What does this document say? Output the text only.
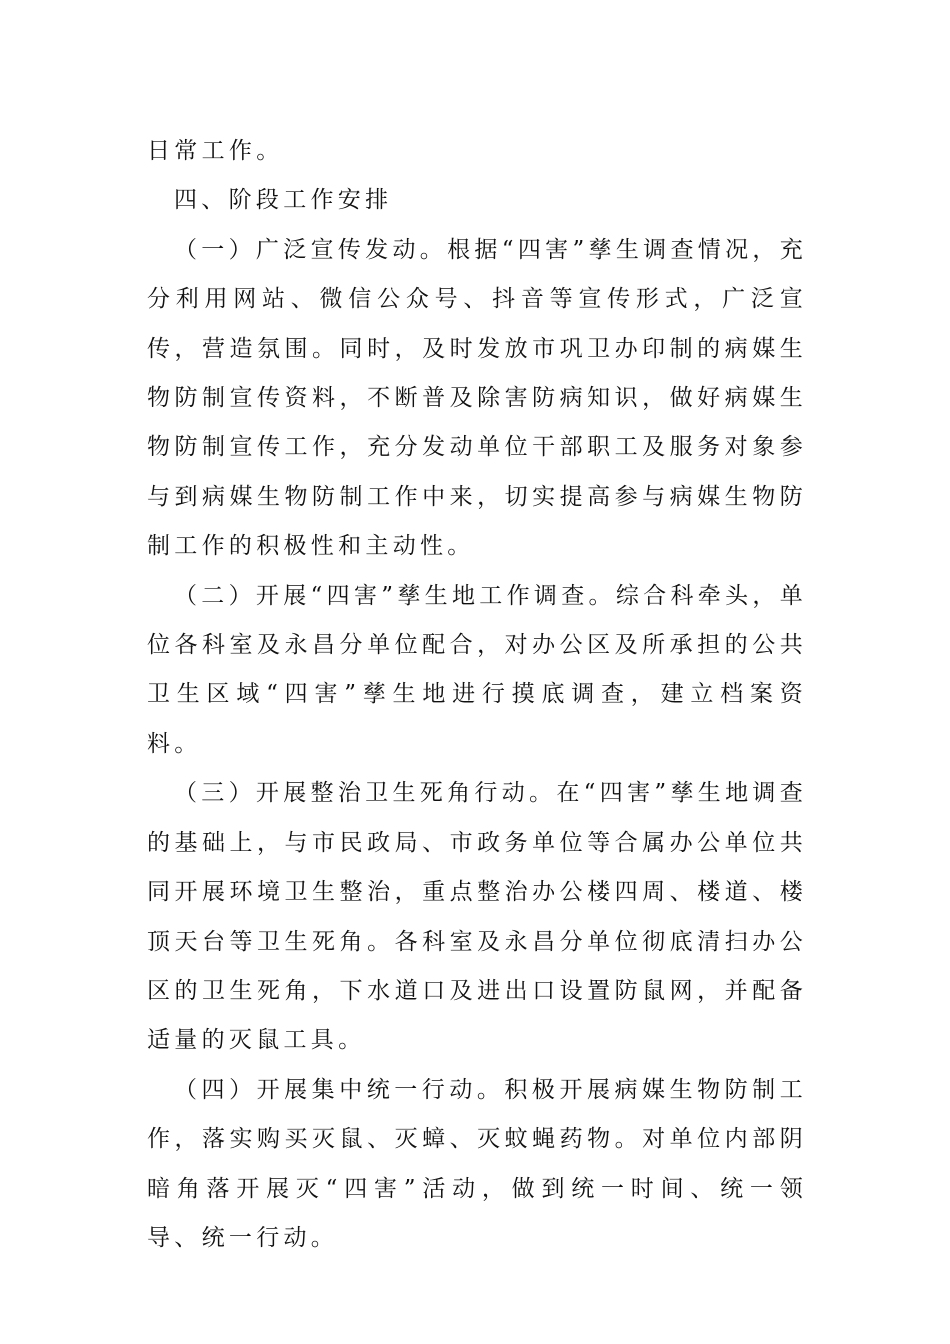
日常工作。

四、阶段工作安排

（一）广泛宣传发动。根据“四害”孳生调查情况，充分利用网站、微信公众号、抖音等宣传形式，广泛宣传，营造氛围。同时，及时发放市巩卫办印制的病媒生物防制宣传资料，不断普及除害防病知识，做好病媒生物防制宣传工作，充分发动单位干部职工及服务对象参与到病媒生物防制工作中来，切实提高参与病媒生物防制工作的积极性和主动性。

（二）开展“四害”孳生地工作调查。综合科牵头，单位各科室及永昌分单位配合，对办公区及所承担的公共卫生区域“四害”孳生地进行摸底调查，建立档案资料。

（三）开展整治卫生死角行动。在“四害”孳生地调查的基础上，与市民政局、市政务单位等合属办公单位共同开展环境卫生整治，重点整治办公楼四周、楼道、楼顶天台等卫生死角。各科室及永昌分单位彻底清扫办公区的卫生死角，下水道口及进出口设置防鼠网，并配备适量的灭鼠工具。

（四）开展集中统一行动。积极开展病媒生物防制工作，落实购买灭鼠、灭蟑、灭蚊蝇药物。对单位内部阴暗角落开展灭“四害”活动，做到统一时间、统一领导、统一行动。
